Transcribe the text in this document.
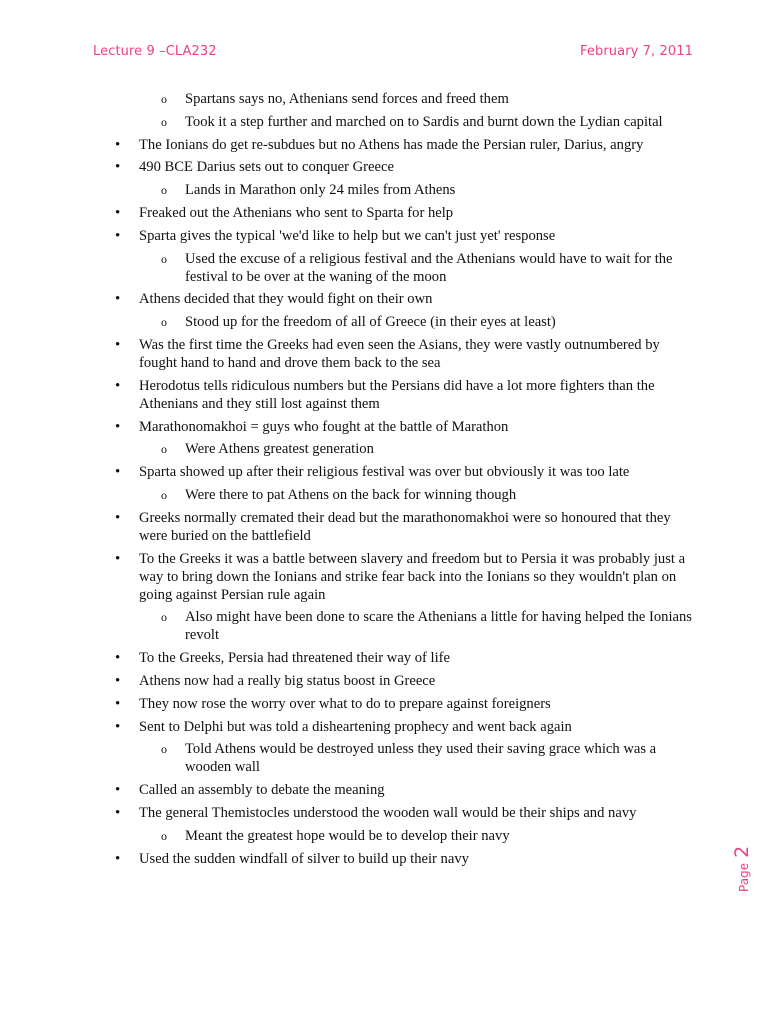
Lecture 9 –CLA232	February 7, 2011
o Spartans says no, Athenians send forces and freed them
o Took it a step further and marched on to Sardis and burnt down the Lydian capital
• The Ionians do get re-subdues but no Athens has made the Persian ruler, Darius, angry
• 490 BCE Darius sets out to conquer Greece
o Lands in Marathon only 24 miles from Athens
• Freaked out the Athenians who sent to Sparta for help
• Sparta gives the typical 'we'd like to help but we can't just yet' response
o Used the excuse of a religious festival and the Athenians would have to wait for the festival to be over at the waning of the moon
• Athens decided that they would fight on their own
o Stood up for the freedom of all of Greece (in their eyes at least)
• Was the first time the Greeks had even seen the Asians, they were vastly outnumbered by fought hand to hand and drove them back to the sea
• Herodotus tells ridiculous numbers but the Persians did have a lot more fighters than the Athenians and they still lost against them
• Marathonomakhoi = guys who fought at the battle of Marathon
o Were Athens greatest generation
• Sparta showed up after their religious festival was over but obviously it was too late
o Were there to pat Athens on the back for winning though
• Greeks normally cremated their dead but the marathonomakhoi were so honoured that they were buried on the battlefield
• To the Greeks it was a battle between slavery and freedom but to Persia it was probably just a way to bring down the Ionians and strike fear back into the Ionians so they wouldn't plan on going against Persian rule again
o Also might have been done to scare the Athenians a little for having helped the Ionians revolt
• To the Greeks, Persia had threatened their way of life
• Athens now had a really big status boost in Greece
• They now rose the worry over what to do to prepare against foreigners
• Sent to Delphi but was told a disheartening prophecy and went back again
o Told Athens would be destroyed unless they used their saving grace which was a wooden wall
• Called an assembly to debate the meaning
• The general Themistocles understood the wooden wall would be their ships and navy
o Meant the greatest hope would be to develop their navy
• Used the sudden windfall of silver to build up their navy
Page 2
